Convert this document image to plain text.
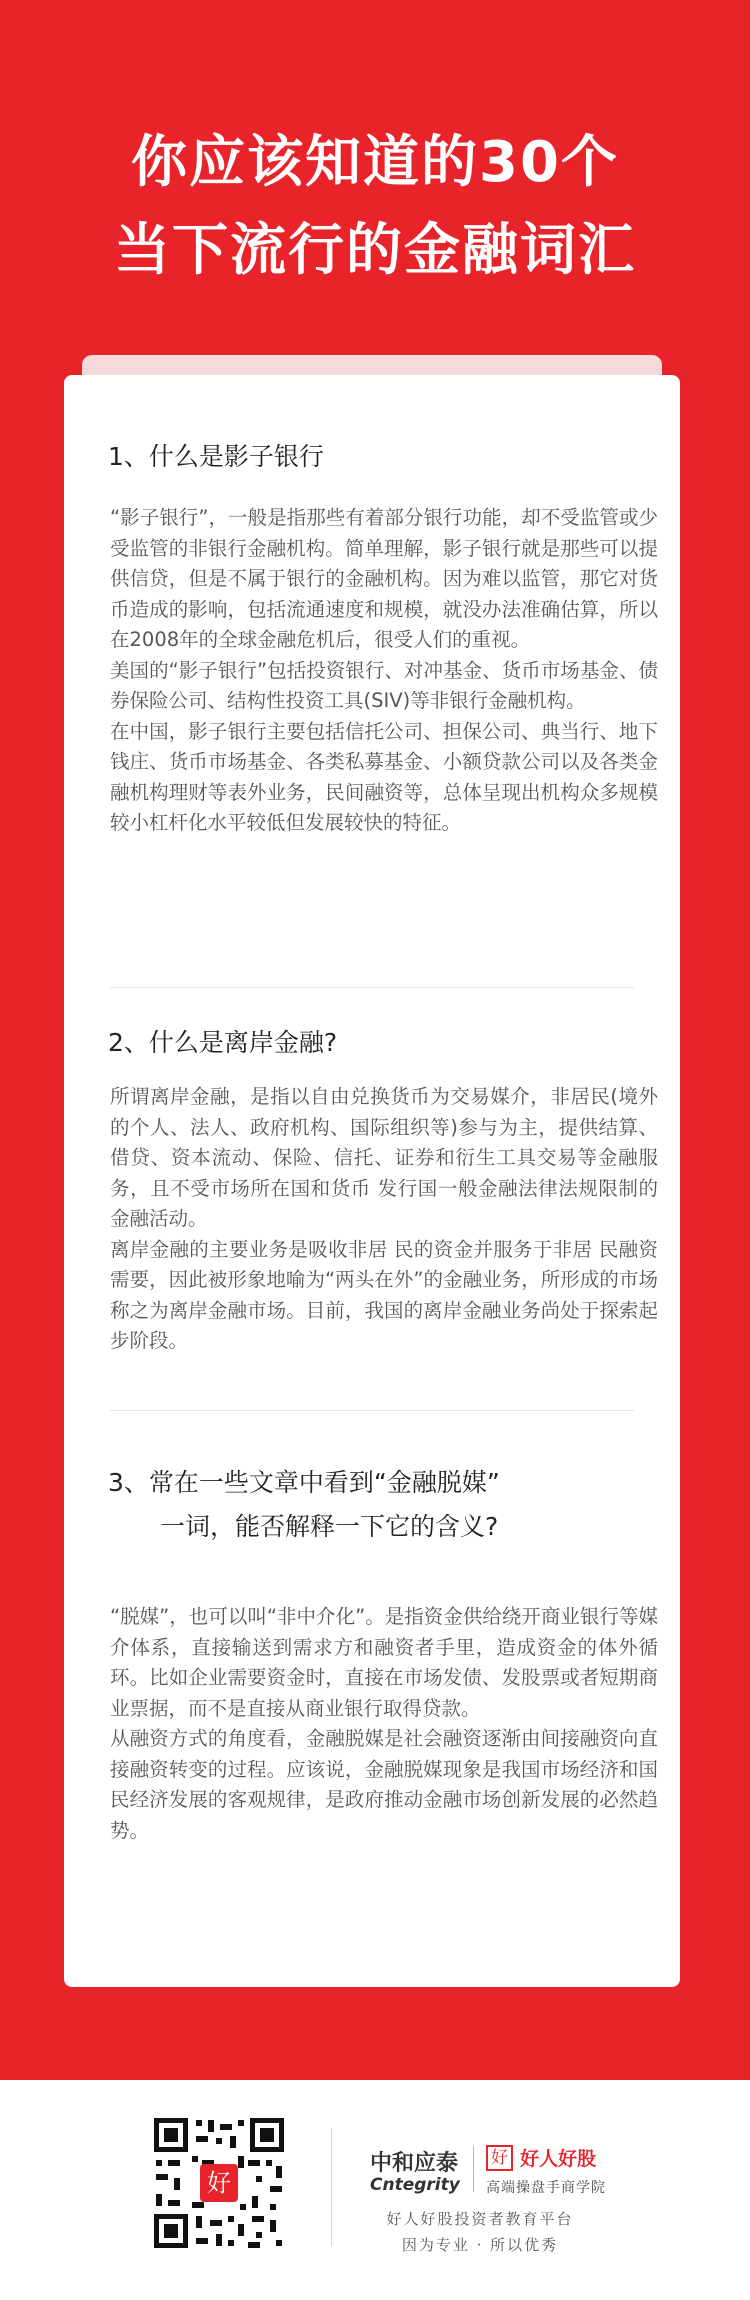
你应该知道的30个
当下流行的金融词汇
1、什么是影子银行

“影子银行”，一般是指那些有着部分银行功能，却不受监管或少受监管的非银行金融机构。简单理解，影子银行就是那些可以提供信贷，但是不属于银行的金融机构。因为难以监管，那它对货币造成的影响，包括流通速度和规模，就没办法准确估算，所以在2008年的全球金融危机后，很受人们的重视。

美国的“影子银行”包括投资银行、对冲基金、货币市场基金、债券保险公司、结构性投资工具(SIV)等非银行金融机构。

在中国，影子银行主要包括信托公司、担保公司、典当行、地下钱庄、货币市场基金、各类私募基金、小额贷款公司以及各类金融机构理财等表外业务，民间融资等，总体呈现出机构众多规模较小杠杆化水平较低但发展较快的特征。

2、什么是离岸金融?

所谓离岸金融，是指以自由兑换货币为交易媒介，非居民(境外的个人、法人、政府机构、国际组织等)参与为主，提供结算、借贷、资本流动、保险、信托、证券和衍生工具交易等金融服 务，且不受市场所在国和货币 发行国一般金融法律法规限制的金融活动。

离岸金融的主要业务是吸收非居 民的资金并服务于非居 民融资需要，因此被形象地喻为“两头在外”的金融业务，所形成的市场称之为离岸金融市场。目前，我国的离岸金融业务尚处于探索起步阶段。

3、常在一些文章中看到“金融脱媒”
一词，能否解释一下它的含义?

“脱媒”，也可以叫“非中介化”。是指资金供给绕开商业银行等媒介体系，直接输送到需求方和融资者手里，造成资金的体外循环。比如企业需要资金时，直接在市场发债、发股票或者短期商业票据，而不是直接从商业银行取得贷款。

从融资方式的角度看，金融脱媒是社会融资逐渐由间接融资向直接融资转变的过程。应该说，金融脱媒现象是我国市场经济和国民经济发展的客观规律，是政府推动金融市场创新发展的必然趋势。

好
中和应泰
Cntegrity
好 好人好股
高端操盘手商学院
好人好股投资者教育平台
因为专业 · 所以优秀
